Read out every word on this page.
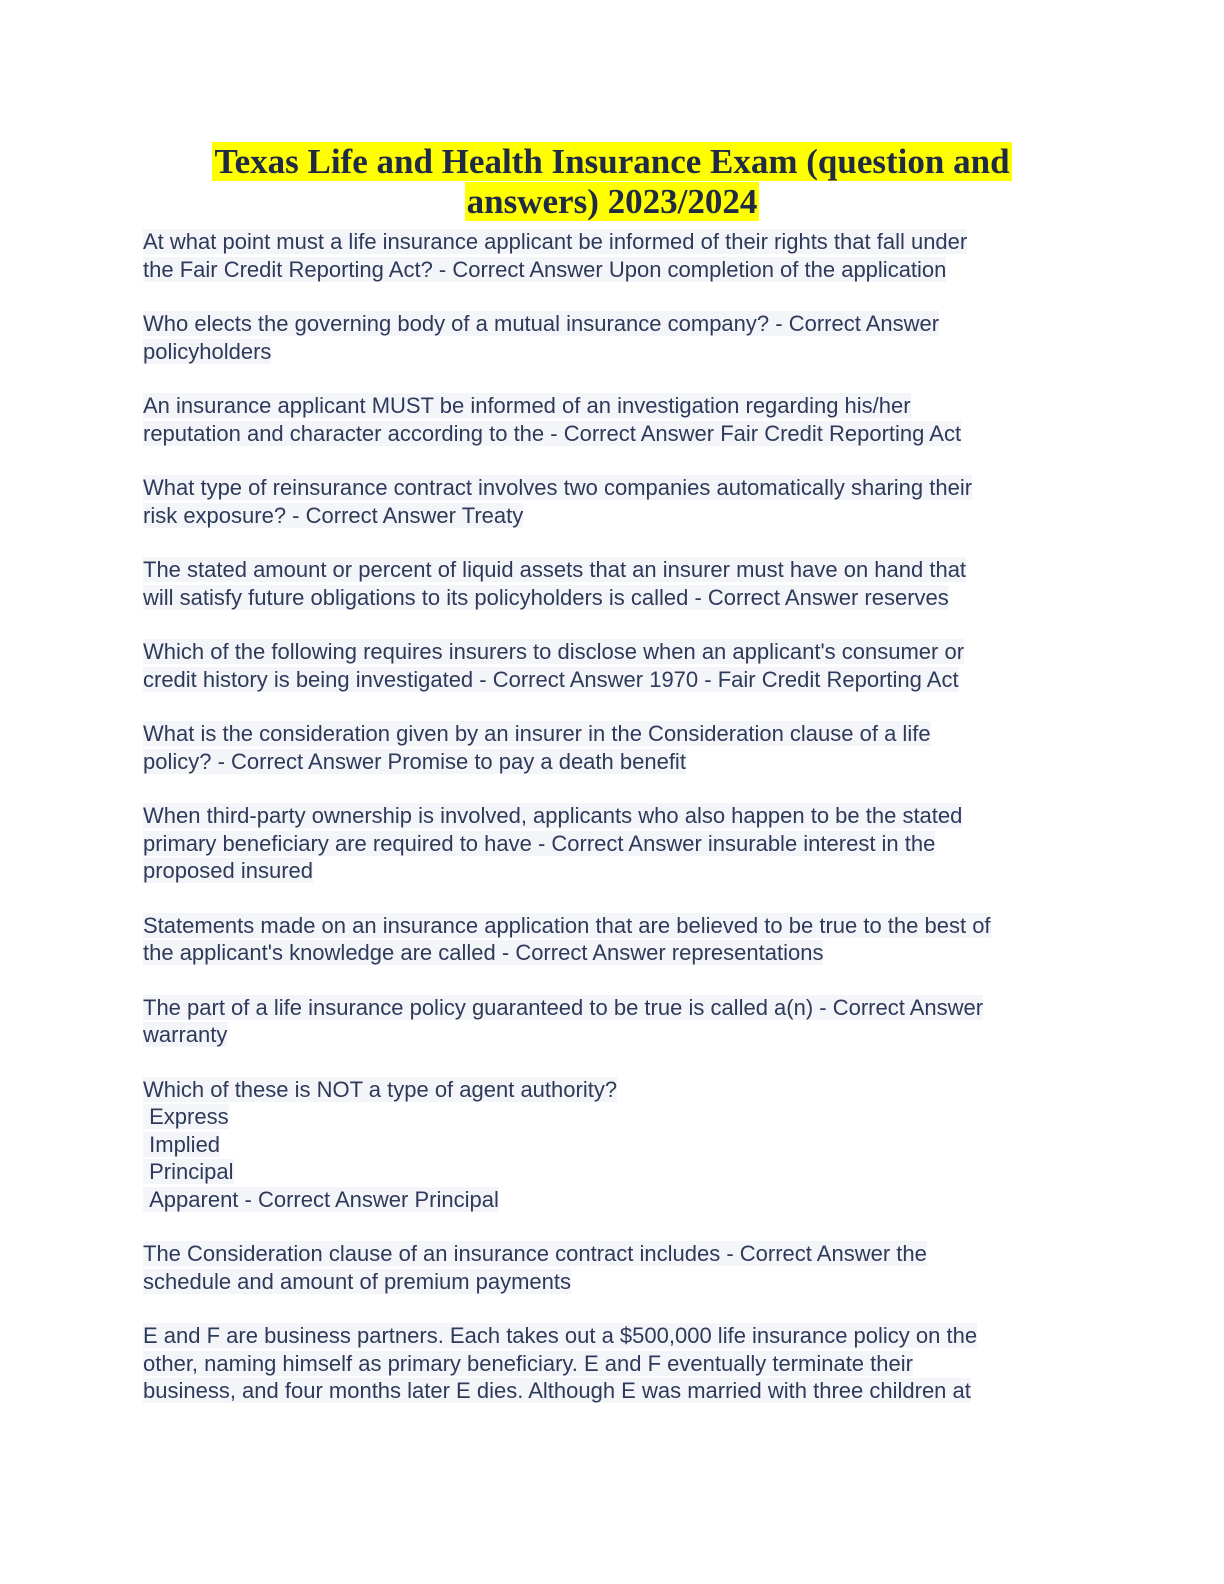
Texas Life and Health Insurance Exam (question and
answers) 2023/2024
At what point must a life insurance applicant be informed of their rights that fall under
the Fair Credit Reporting Act? - Correct Answer Upon completion of the application
Who elects the governing body of a mutual insurance company? - Correct Answer
policyholders
An insurance applicant MUST be informed of an investigation regarding his/her
reputation and character according to the - Correct Answer Fair Credit Reporting Act
What type of reinsurance contract involves two companies automatically sharing their
risk exposure? - Correct Answer Treaty
The stated amount or percent of liquid assets that an insurer must have on hand that
will satisfy future obligations to its policyholders is called - Correct Answer reserves
Which of the following requires insurers to disclose when an applicant's consumer or
credit history is being investigated - Correct Answer 1970 - Fair Credit Reporting Act
What is the consideration given by an insurer in the Consideration clause of a life
policy? - Correct Answer Promise to pay a death benefit
When third-party ownership is involved, applicants who also happen to be the stated
primary beneficiary are required to have - Correct Answer insurable interest in the
proposed insured
Statements made on an insurance application that are believed to be true to the best of
the applicant's knowledge are called - Correct Answer representations
The part of a life insurance policy guaranteed to be true is called a(n) - Correct Answer
warranty
Which of these is NOT a type of agent authority?
Express
Implied
Principal
Apparent - Correct Answer Principal
The Consideration clause of an insurance contract includes - Correct Answer the
schedule and amount of premium payments
E and F are business partners. Each takes out a $500,000 life insurance policy on the
other, naming himself as primary beneficiary. E and F eventually terminate their
business, and four months later E dies. Although E was married with three children at
